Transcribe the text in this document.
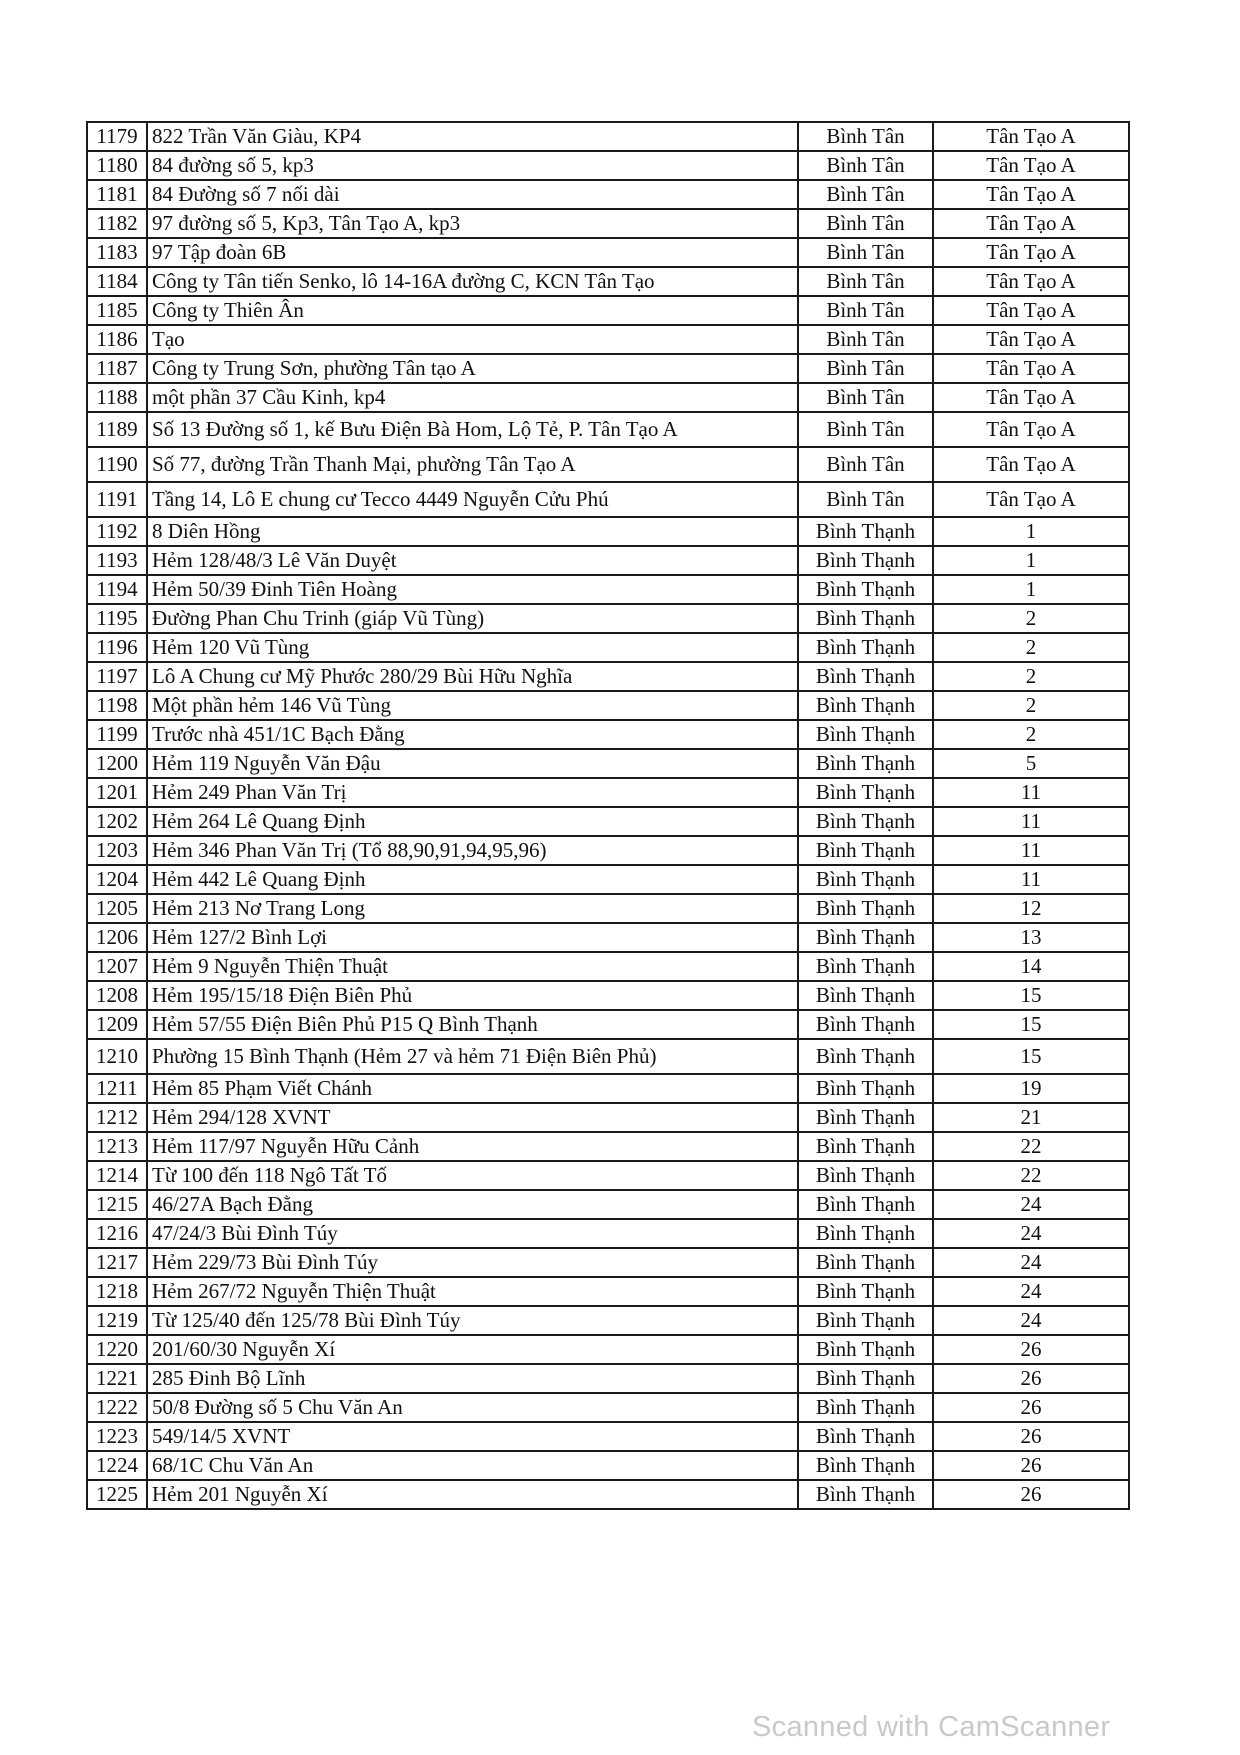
1179	822 Trần Văn Giàu, KP4	Bình Tân	Tân Tạo A
1180	84 đường số 5, kp3	Bình Tân	Tân Tạo A
1181	84 Đường số 7 nối dài	Bình Tân	Tân Tạo A
1182	97 đường số 5, Kp3, Tân Tạo A, kp3	Bình Tân	Tân Tạo A
1183	97 Tập đoàn 6B	Bình Tân	Tân Tạo A
1184	Công ty Tân tiến Senko, lô 14-16A đường C, KCN Tân Tạo	Bình Tân	Tân Tạo A
1185	Công ty Thiên Ân	Bình Tân	Tân Tạo A
1186	Tạo	Bình Tân	Tân Tạo A
1187	Công ty Trung Sơn, phường Tân tạo A	Bình Tân	Tân Tạo A
1188	một phần 37 Cầu Kinh, kp4	Bình Tân	Tân Tạo A
1189	Số 13 Đường số 1, kế Bưu Điện Bà Hom, Lộ Tẻ, P. Tân Tạo A	Bình Tân	Tân Tạo A
1190	Số 77, đường Trần Thanh Mại, phường Tân Tạo A	Bình Tân	Tân Tạo A
1191	Tầng 14, Lô E chung cư Tecco 4449 Nguyễn Cửu Phú	Bình Tân	Tân Tạo A
1192	8 Diên Hồng	Bình Thạnh	1
1193	Hẻm 128/48/3 Lê Văn Duyệt	Bình Thạnh	1
1194	Hẻm 50/39 Đinh Tiên Hoàng	Bình Thạnh	1
1195	Đường Phan Chu Trinh (giáp Vũ Tùng)	Bình Thạnh	2
1196	Hẻm 120 Vũ Tùng	Bình Thạnh	2
1197	Lô A Chung cư Mỹ Phước 280/29 Bùi Hữu Nghĩa	Bình Thạnh	2
1198	Một phần hẻm 146 Vũ Tùng	Bình Thạnh	2
1199	Trước nhà 451/1C Bạch Đằng	Bình Thạnh	2
1200	Hẻm 119 Nguyễn Văn Đậu	Bình Thạnh	5
1201	Hẻm 249 Phan Văn Trị	Bình Thạnh	11
1202	Hẻm 264 Lê Quang Định	Bình Thạnh	11
1203	Hẻm 346 Phan Văn Trị (Tổ 88,90,91,94,95,96)	Bình Thạnh	11
1204	Hẻm 442 Lê Quang Định	Bình Thạnh	11
1205	Hẻm 213 Nơ Trang Long	Bình Thạnh	12
1206	Hẻm 127/2 Bình Lợi	Bình Thạnh	13
1207	Hẻm 9 Nguyễn Thiện Thuật	Bình Thạnh	14
1208	Hẻm 195/15/18 Điện Biên Phủ	Bình Thạnh	15
1209	Hẻm 57/55 Điện Biên Phủ P15 Q Bình Thạnh	Bình Thạnh	15
1210	Phường 15 Bình Thạnh (Hẻm 27 và hẻm 71 Điện Biên Phủ)	Bình Thạnh	15
1211	Hẻm 85 Phạm Viết Chánh	Bình Thạnh	19
1212	Hẻm 294/128 XVNT	Bình Thạnh	21
1213	Hẻm 117/97 Nguyễn Hữu Cảnh	Bình Thạnh	22
1214	Từ 100 đến 118 Ngô Tất Tố	Bình Thạnh	22
1215	46/27A Bạch Đằng	Bình Thạnh	24
1216	47/24/3 Bùi Đình Túy	Bình Thạnh	24
1217	Hẻm 229/73 Bùi Đình Túy	Bình Thạnh	24
1218	Hẻm 267/72 Nguyễn Thiện Thuật	Bình Thạnh	24
1219	Từ 125/40 đến 125/78 Bùi Đình Túy	Bình Thạnh	24
1220	201/60/30 Nguyễn Xí	Bình Thạnh	26
1221	285 Đinh Bộ Lĩnh	Bình Thạnh	26
1222	50/8 Đường số 5 Chu Văn An	Bình Thạnh	26
1223	549/14/5 XVNT	Bình Thạnh	26
1224	68/1C Chu Văn An	Bình Thạnh	26
1225	Hẻm 201 Nguyễn Xí	Bình Thạnh	26
Scanned with CamScanner
